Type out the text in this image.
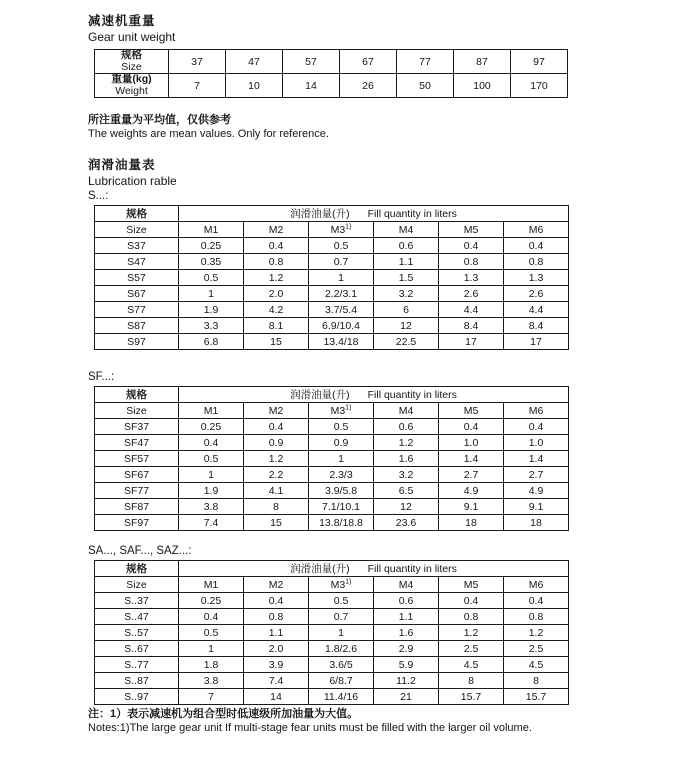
减速机重量
Gear unit weight
规格
Size	37	47	57	67	77	87	97

重量(kg)
Weight	7	10	14	26	50	100	170
所注重量为平均值，仅供参考
The weights are mean values. Only for reference.
润滑油量表
Lubrication rable
S...:
规格	润滑油量(升) Fill quantity in liters					
Size	M1	M2	M3$^{1)}$	M4	M5	M6
S37	0.25	0.4	0.5	0.6	0.4	0.4
S47	0.35	0.8	0.7	1.1	0.8	0.8
S57	0.5	1.2	1	1.5	1.3	1.3
S67	1	2.0	2.2/3.1	3.2	2.6	2.6
S77	1.9	4.2	3.7/5.4	6	4.4	4.4
S87	3.3	8.1	6.9/10.4	12	8.4	8.4
S97	6.8	15	13.4/18	22.5	17	17
SF...:
规格	润滑油量(升) Fill quantity in liters					
Size	M1	M2	M3$^{1)}$	M4	M5	M6
SF37	0.25	0.4	0.5	0.6	0.4	0.4
SF47	0.4	0.9	0.9	1.2	1.0	1.0
SF57	0.5	1.2	1	1.6	1.4	1.4
SF67	1	2.2	2.3/3	3.2	2.7	2.7
SF77	1.9	4.1	3.9/5.8	6.5	4.9	4.9
SF87	3.8	8	7.1/10.1	12	9.1	9.1
SF97	7.4	15	13.8/18.8	23.6	18	18
SA..., SAF..., SAZ...:
规格	润滑油量(升) Fill quantity in liters					
Size	M1	M2	M3$^{1)}$	M4	M5	M6
S..37	0.25	0.4	0.5	0.6	0.4	0.4
S..47	0.4	0.8	0.7	1.1	0.8	0.8
S..57	0.5	1.1	1	1.6	1.2	1.2
S..67	1	2.0	1.8/2.6	2.9	2.5	2.5
S..77	1.8	3.9	3.6/5	5.9	4.5	4.5
S..87	3.8	7.4	6/8.7	11.2	8	8
S..97	7	14	11.4/16	21	15.7	15.7
注：1）表示减速机为组合型时低速级所加油量为大值。
Notes:1)The large gear unit If multi-stage fear units must be filled with the larger oil volume.
